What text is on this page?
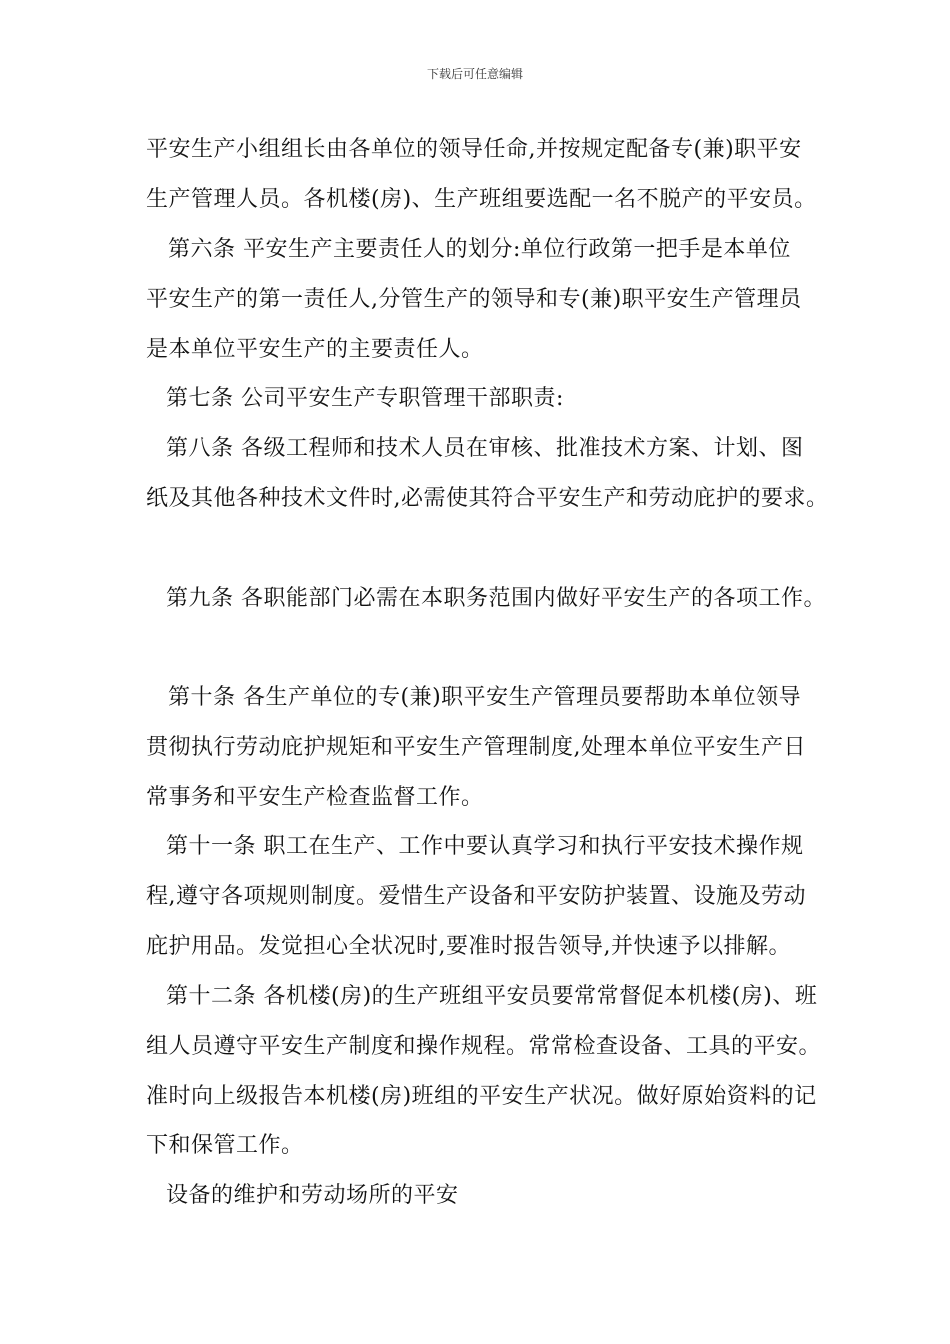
下载后可任意编辑
平安生产小组组长由各单位的领导任命,并按规定配备专(兼)职平安
生产管理人员。各机楼(房)、生产班组要选配一名不脱产的平安员。
第六条 平安生产主要责任人的划分:单位行政第一把手是本单位
平安生产的第一责任人,分管生产的领导和专(兼)职平安生产管理员
是本单位平安生产的主要责任人。
第七条 公司平安生产专职管理干部职责:
第八条 各级工程师和技术人员在审核、批准技术方案、计划、图
纸及其他各种技术文件时,必需使其符合平安生产和劳动庇护的要求。
第九条 各职能部门必需在本职务范围内做好平安生产的各项工作。
第十条 各生产单位的专(兼)职平安生产管理员要帮助本单位领导
贯彻执行劳动庇护规矩和平安生产管理制度,处理本单位平安生产日
常事务和平安生产检查监督工作。
第十一条 职工在生产、工作中要认真学习和执行平安技术操作规
程,遵守各项规则制度。爱惜生产设备和平安防护装置、设施及劳动
庇护用品。发觉担心全状况时,要准时报告领导,并快速予以排解。
第十二条 各机楼(房)的生产班组平安员要常常督促本机楼(房)、班
组人员遵守平安生产制度和操作规程。常常检查设备、工具的平安。
准时向上级报告本机楼(房)班组的平安生产状况。做好原始资料的记
下和保管工作。
设备的维护和劳动场所的平安
